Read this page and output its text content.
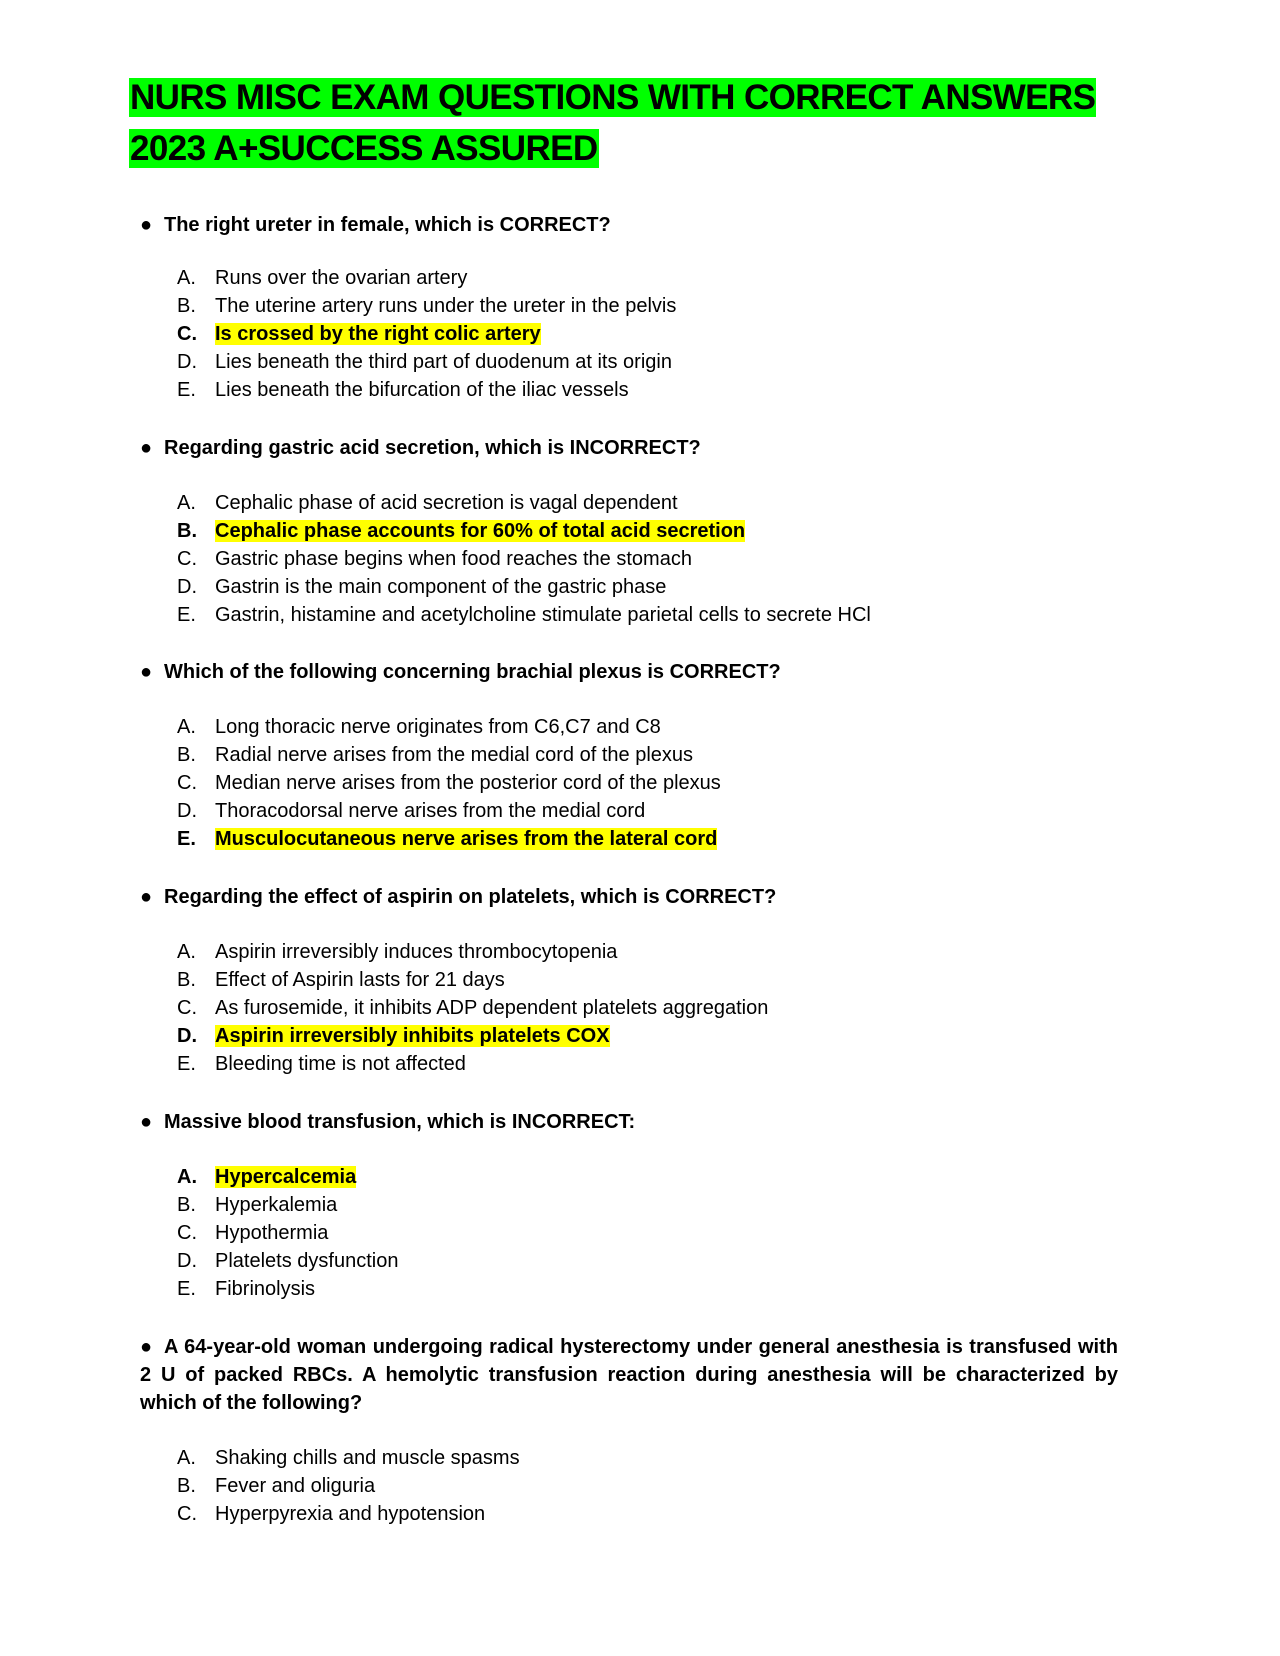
NURS MISC EXAM QUESTIONS WITH CORRECT ANSWERS 2023 A+SUCCESS ASSURED

● The right ureter in female, which is CORRECT?

A. Runs over the ovarian artery
B. The uterine artery runs under the ureter in the pelvis
C. Is crossed by the right colic artery
D. Lies beneath the third part of duodenum at its origin
E. Lies beneath the bifurcation of the iliac vessels

● Regarding gastric acid secretion, which is INCORRECT?

A. Cephalic phase of acid secretion is vagal dependent
B. Cephalic phase accounts for 60% of total acid secretion
C. Gastric phase begins when food reaches the stomach
D. Gastrin is the main component of the gastric phase
E. Gastrin, histamine and acetylcholine stimulate parietal cells to secrete HCl

● Which of the following concerning brachial plexus is CORRECT?

A. Long thoracic nerve originates from C6,C7 and C8
B. Radial nerve arises from the medial cord of the plexus
C. Median nerve arises from the posterior cord of the plexus
D. Thoracodorsal nerve arises from the medial cord
E. Musculocutaneous nerve arises from the lateral cord

● Regarding the effect of aspirin on platelets, which is CORRECT?

A. Aspirin irreversibly induces thrombocytopenia
B. Effect of Aspirin lasts for 21 days
C. As furosemide, it inhibits ADP dependent platelets aggregation
D. Aspirin irreversibly inhibits platelets COX
E. Bleeding time is not affected

● Massive blood transfusion, which is INCORRECT:

A. Hypercalcemia
B. Hyperkalemia
C. Hypothermia
D. Platelets dysfunction
E. Fibrinolysis

● A 64-year-old woman undergoing radical hysterectomy under general anesthesia is transfused with 2 U of packed RBCs. A hemolytic transfusion reaction during anesthesia will be characterized by which of the following?

A. Shaking chills and muscle spasms
B. Fever and oliguria
C. Hyperpyrexia and hypotension
